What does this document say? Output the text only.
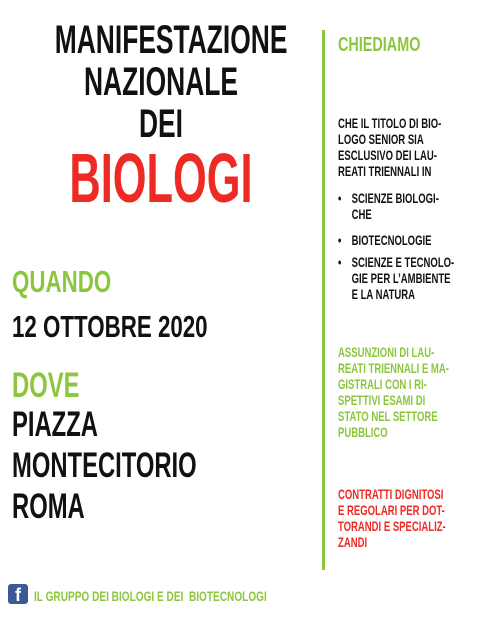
MANIFESTAZIONE
NAZIONALE
DEI
BIOLOGI
QUANDO
12 OTTOBRE 2020
DOVE
PIAZZA
MONTECITORIO
ROMA
CHIEDIAMO
CHE IL TITOLO DI BIO-
LOGO SENIOR SIA
ESCLUSIVO DEI LAU-
REATI TRIENNALI IN
• SCIENZE BIOLOGI-
CHE
• BIOTECNOLOGIE
• SCIENZE E TECNOLO-
GIE PER L’AMBIENTE
E LA NATURA
ASSUNZIONI DI LAU-
REATI TRIENNALI E MA-
GISTRALI CON I RI-
SPETTIVI ESAMI DI
STATO NEL SETTORE
PUBBLICO
CONTRATTI DIGNITOSI
E REGOLARI PER DOT-
TORANDI E SPECIALIZ-
ZANDI
f IL GRUPPO DEI BIOLOGI E DEI  BIOTECNOLOGI
